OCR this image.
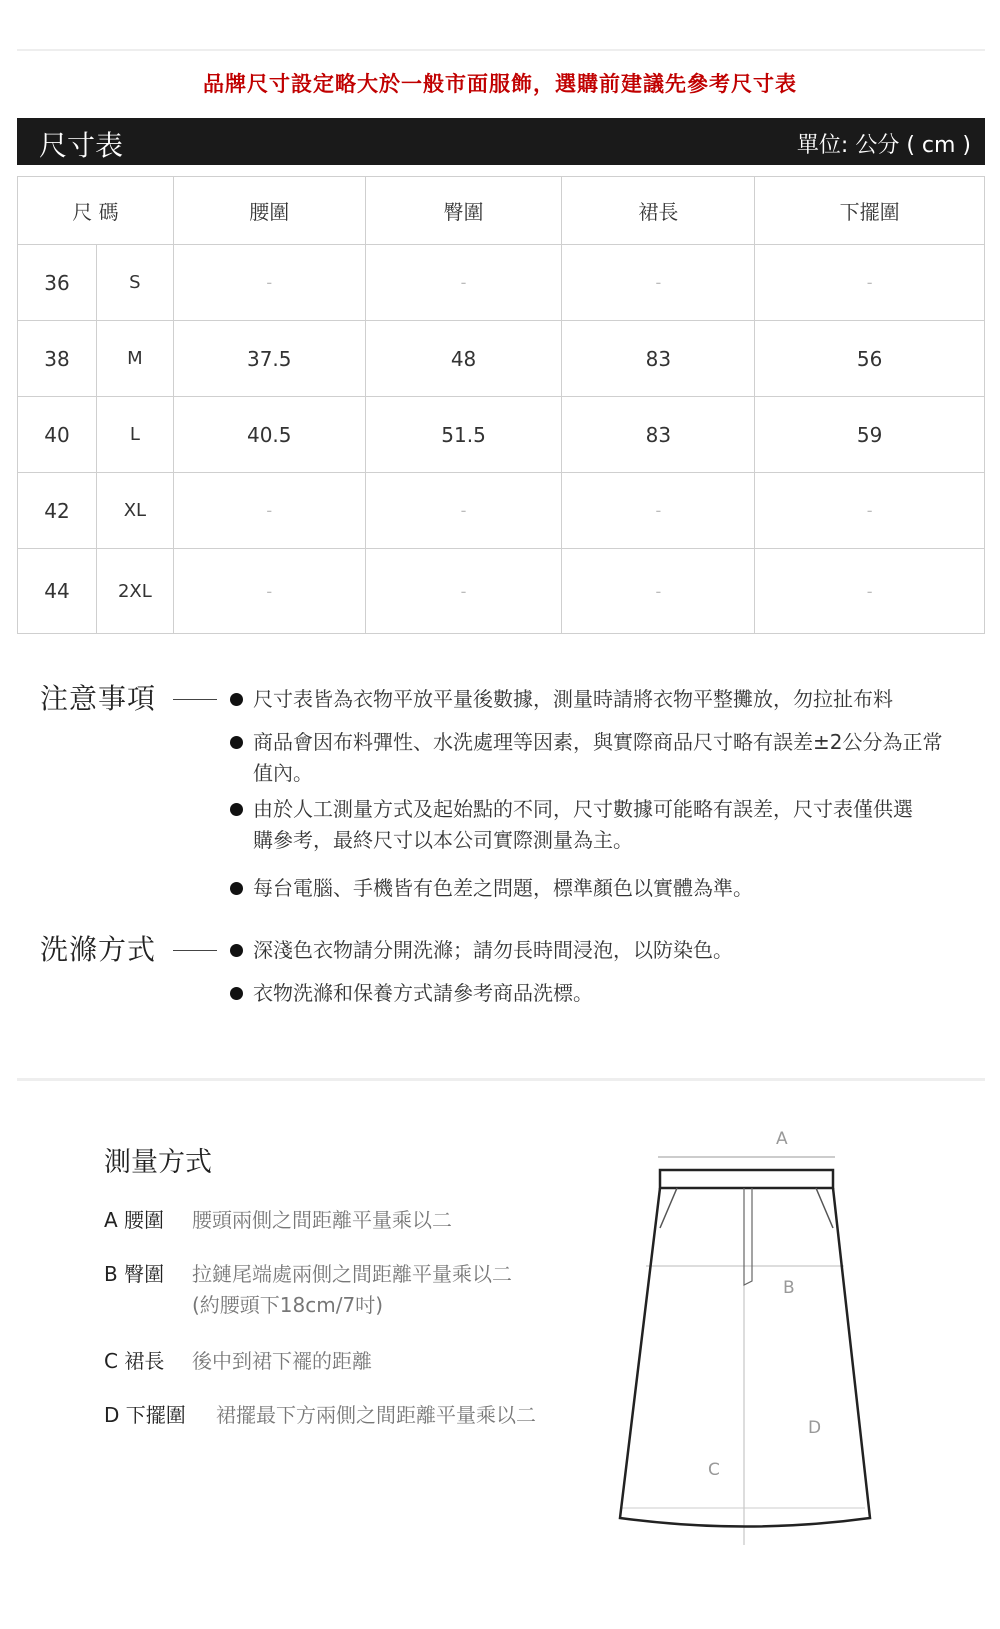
品牌尺寸設定略大於一般市面服飾，選購前建議先參考尺寸表
尺寸表	單位: 公分 ( cm )
尺 碼		腰圍	臀圍	裙長	下擺圍
36	S	-	-	-	-
38	M	37.5	48	83	56
40	L	40.5	51.5	83	59
42	XL	-	-	-	-
44	2XL	-	-	-	-
注意事項	尺寸表皆為衣物平放平量後數據，測量時請將衣物平整攤放，勿拉扯布料
商品會因布料彈性、水洗處理等因素，與實際商品尺寸略有誤差±2公分為正常值內。
由於人工測量方式及起始點的不同，尺寸數據可能略有誤差，尺寸表僅供選購參考，最終尺寸以本公司實際測量為主。
每台電腦、手機皆有色差之問題，標準顏色以實體為準。
洗滌方式	深淺色衣物請分開洗滌；請勿長時間浸泡，以防染色。
衣物洗滌和保養方式請參考商品洗標。
測量方式
A 腰圍 腰頭兩側之間距離平量乘以二
B 臀圍 拉鏈尾端處兩側之間距離平量乘以二
(約腰頭下18cm/7吋)
C 裙長 後中到裙下襬的距離
D 下擺圍 裙擺最下方兩側之間距離平量乘以二
A
B
C
D
